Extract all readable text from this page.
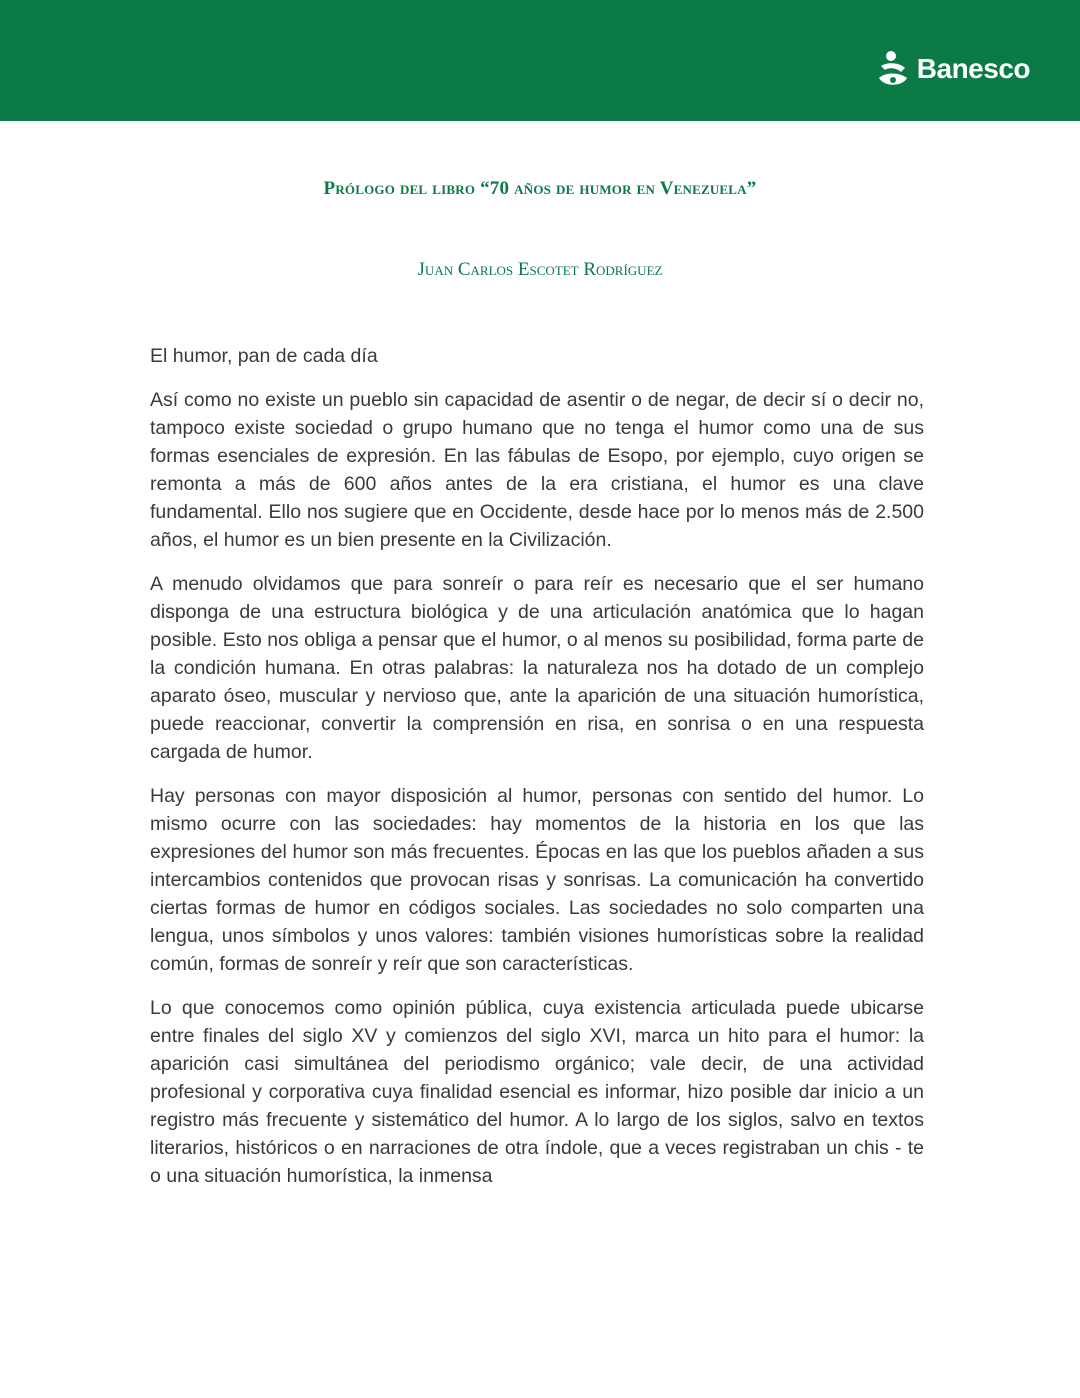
Banesco
Prólogo del libro “70 años de humor en Venezuela”
Juan Carlos Escotet Rodríguez

El humor, pan de cada día

Así como no existe un pueblo sin capacidad de asentir o de negar, de decir sí o decir no, tampoco existe sociedad o grupo humano que no tenga el humor como una de sus formas esenciales de expresión. En las fábulas de Esopo, por ejemplo, cuyo origen se remonta a más de 600 años antes de la era cristiana, el humor es una clave fundamental. Ello nos sugiere que en Occidente, desde hace por lo menos más de 2.500 años, el humor es un bien presente en la Civilización.

A menudo olvidamos que para sonreír o para reír es necesario que el ser humano disponga de una estructura biológica y de una articulación anatómica que lo hagan posible. Esto nos obliga a pensar que el humor, o al menos su posibilidad, forma parte de la condición humana. En otras palabras: la naturaleza nos ha dotado de un complejo aparato óseo, muscular y nervioso que, ante la aparición de una situación humorística, puede reaccionar, convertir la comprensión en risa, en sonrisa o en una respuesta cargada de humor.

Hay personas con mayor disposición al humor, personas con sentido del humor. Lo mismo ocurre con las sociedades: hay momentos de la historia en los que las expresiones del humor son más frecuentes. Épocas en las que los pueblos añaden a sus intercambios contenidos que provocan risas y sonrisas. La comunicación ha convertido ciertas formas de humor en códigos sociales. Las sociedades no solo comparten una lengua, unos símbolos y unos valores: también visiones humorísticas sobre la realidad común, formas de sonreír y reír que son características.

Lo que conocemos como opinión pública, cuya existencia articulada puede ubicarse entre finales del siglo XV y comienzos del siglo XVI, marca un hito para el humor: la aparición casi simultánea del periodismo orgánico; vale decir, de una actividad profesional y corporativa cuya finalidad esencial es informar, hizo posible dar inicio a un registro más frecuente y sistemático del humor. A lo largo de los siglos, salvo en textos literarios, históricos o en narraciones de otra índole, que a veces registraban un chis - te o una situación humorística, la inmensa
